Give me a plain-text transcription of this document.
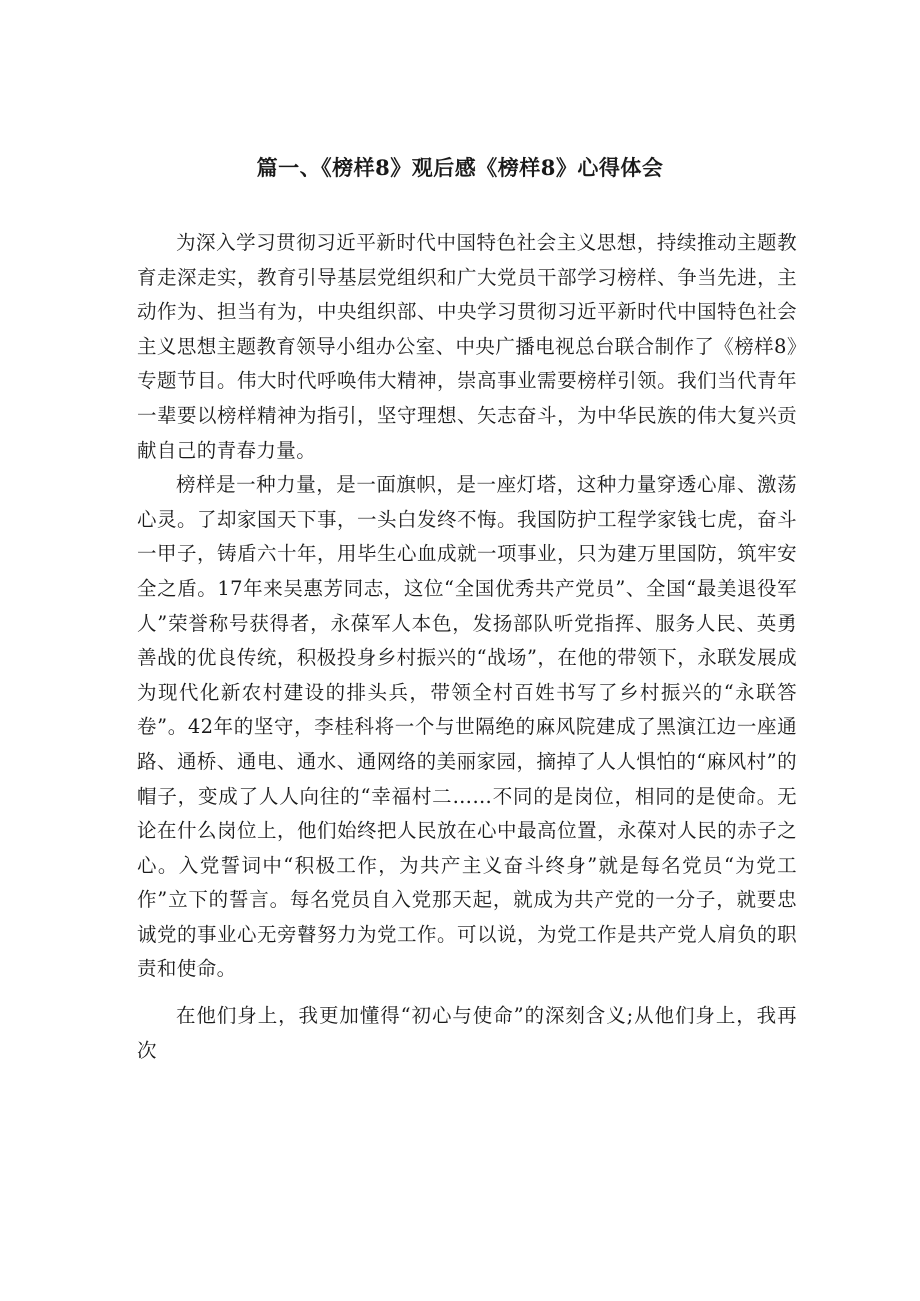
篇一、《榜样8》观后感《榜样8》心得体会

为深入学习贯彻习近平新时代中国特色社会主义思想，持续推动主题教育走深走实，教育引导基层党组织和广大党员干部学习榜样、争当先进，主动作为、担当有为，中央组织部、中央学习贯彻习近平新时代中国特色社会主义思想主题教育领导小组办公室、中央广播电视总台联合制作了《榜样8》专题节目。伟大时代呼唤伟大精神，崇高事业需要榜样引领。我们当代青年一辈要以榜样精神为指引，坚守理想、矢志奋斗，为中华民族的伟大复兴贡献自己的青春力量。

榜样是一种力量，是一面旗帜，是一座灯塔，这种力量穿透心扉、激荡心灵。了却家国天下事，一头白发终不悔。我国防护工程学家钱七虎，奋斗一甲子，铸盾六十年，用毕生心血成就一项事业，只为建万里国防，筑牢安全之盾。17年来吴惠芳同志，这位“全国优秀共产党员”、全国“最美退役军人”荣誉称号获得者，永葆军人本色，发扬部队听党指挥、服务人民、英勇善战的优良传统，积极投身乡村振兴的“战场”，在他的带领下，永联发展成为现代化新农村建设的排头兵，带领全村百姓书写了乡村振兴的“永联答卷”。42年的坚守，李桂科将一个与世隔绝的麻风院建成了黑演江边一座通路、通桥、通电、通水、通网络的美丽家园，摘掉了人人惧怕的“麻风村”的帽子，变成了人人向往的“幸福村二……不同的是岗位，相同的是使命。无论在什么岗位上，他们始终把人民放在心中最高位置，永葆对人民的赤子之心。入党誓词中“积极工作，为共产主义奋斗终身”就是每名党员“为党工作”立下的誓言。每名党员自入党那天起，就成为共产党的一分子，就要忠诚党的事业心无旁瞽努力为党工作。可以说，为党工作是共产党人肩负的职责和使命。

在他们身上，我更加懂得“初心与使命”的深刻含义;从他们身上，我再次
